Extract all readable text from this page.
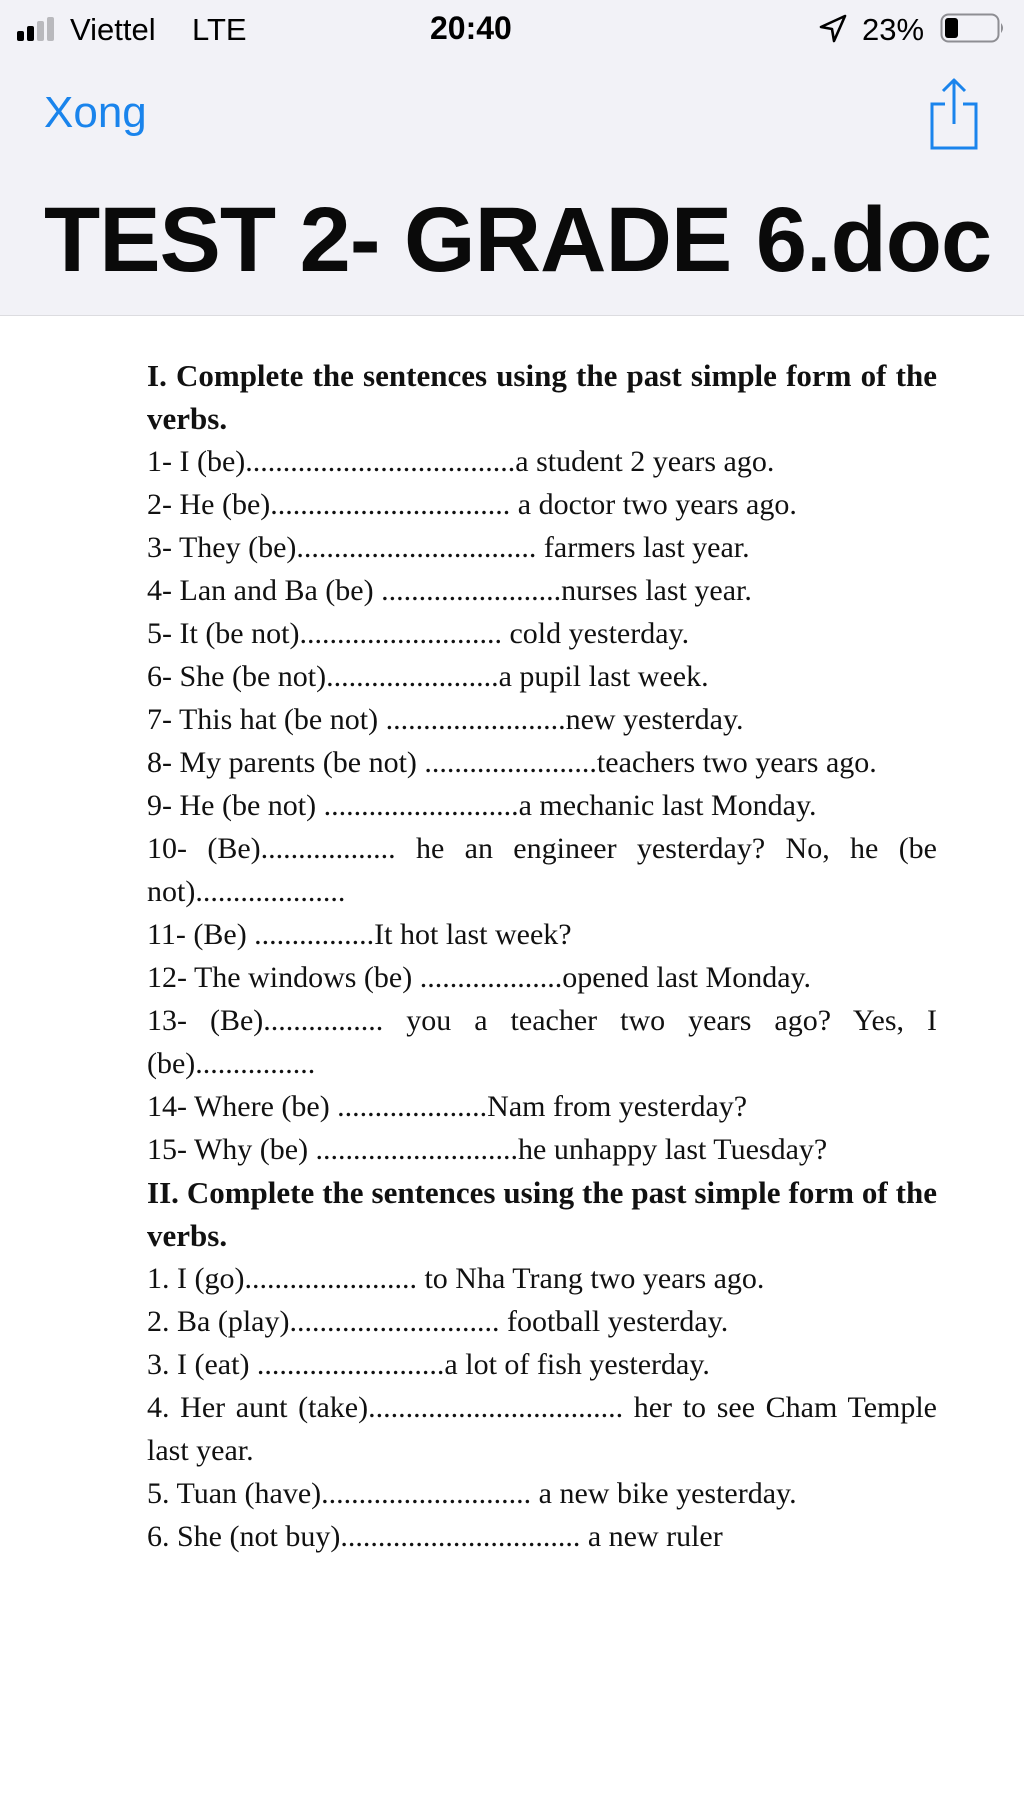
Viettel LTE	20:40	23%
Xong
TEST 2- GRADE 6.doc

I. Complete the sentences using the past simple form of the verbs.

1- I (be)....................................a student 2 years ago.

2- He (be)................................ a doctor two years ago.

3- They (be)................................ farmers last year.

4- Lan and Ba (be) ........................nurses last year.

5- It (be not)........................... cold yesterday.

6- She (be not).......................a pupil last week.

7- This hat (be not) ........................new yesterday.

8- My parents (be not) .......................teachers two years ago.

9- He (be not) ..........................a mechanic last Monday.

10- (Be).................. he an engineer yesterday? No, he (be not)....................

11- (Be) ................It hot last week?

12- The windows (be) ...................opened last Monday.

13- (Be)................ you a teacher two years ago? Yes, I (be)................

14- Where (be) ....................Nam from yesterday?

15- Why (be) ...........................he unhappy last Tuesday?

II. Complete the sentences using the past simple form of the verbs.

1. I (go)....................... to Nha Trang two years ago.

2. Ba (play)............................ football yesterday.

3. I (eat) .........................a lot of fish yesterday.

4. Her aunt (take).................................. her to see Cham Temple last year.

5. Tuan (have)............................ a new bike yesterday.

6. She (not buy)................................ a new ruler
